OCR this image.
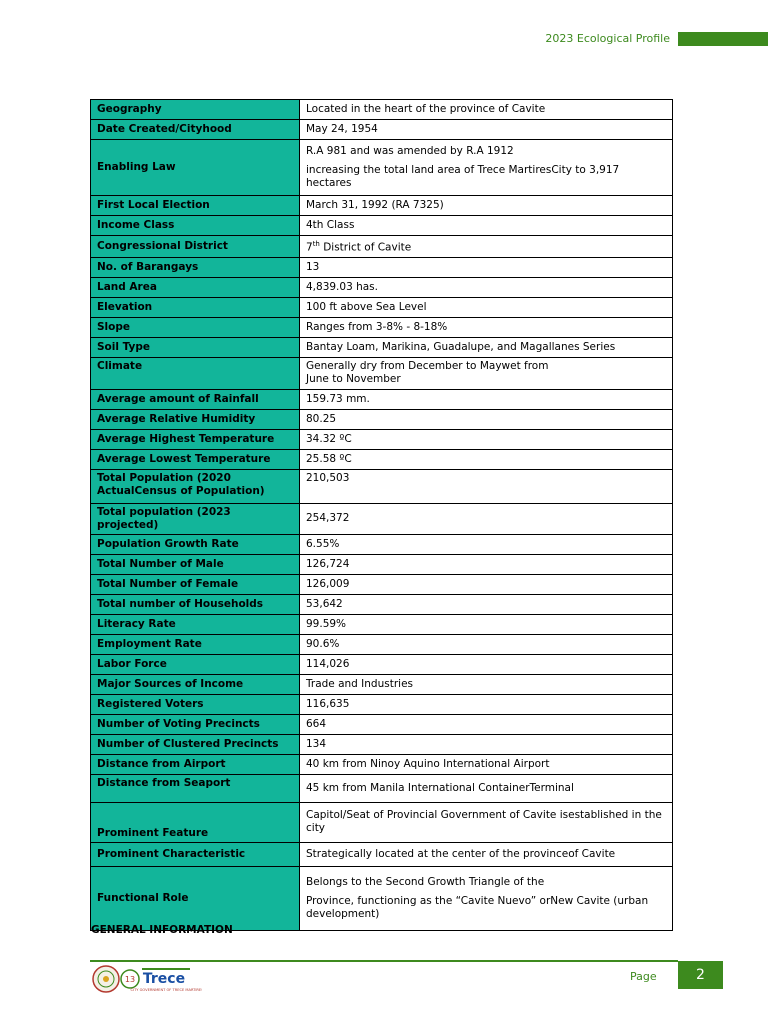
2023 Ecological Profile
Geography	Located in the heart of the province of Cavite
Date Created/Cityhood	May 24, 1954
Enabling Law	R.A 981 and was amended by R.A 1912
increasing the total land area of Trece MartiresCity to 3,917 hectares

First Local Election	March 31, 1992 (RA 7325)
Income Class	4th Class
Congressional District	7th District of Cavite
No. of Barangays	13
Land Area	4,839.03 has.
Elevation	100 ft above Sea Level
Slope	Ranges from 3-8% - 8-18%
Soil Type	Bantay Loam, Marikina, Guadalupe, and Magallanes Series
Climate	Generally dry from December to Maywet from
June to November

Average amount of Rainfall	159.73 mm.
Average Relative Humidity	80.25
Average Highest Temperature	34.32 ºC
Average Lowest Temperature	25.58 ºC
Total Population (2020 ActualCensus of Population)	210,503
Total population (2023 projected)	254,372
Population Growth Rate	6.55%
Total Number of Male	126,724
Total Number of Female	126,009
Total number of Households	53,642
Literacy Rate	99.59%
Employment Rate	90.6%
Labor Force	114,026
Major Sources of Income	Trade and Industries
Registered Voters	116,635
Number of Voting Precincts	664
Number of Clustered Precincts	134
Distance from Airport	40 km from Ninoy Aquino International Airport
Distance from Seaport	45 km from Manila International ContainerTerminal
Prominent Feature	Capitol/Seat of Provincial Government of Cavite isestablished in the city
Prominent Characteristic	Strategically located at the center of the provinceof Cavite
Functional Role	Belongs to the Second Growth Triangle of the
Province, functioning as the “Cavite Nuevo” orNew Cavite (urban development)
GENERAL INFORMATION
13 Trece
CITY GOVERNMENT OF TRECE MARTIRES
Page	2
